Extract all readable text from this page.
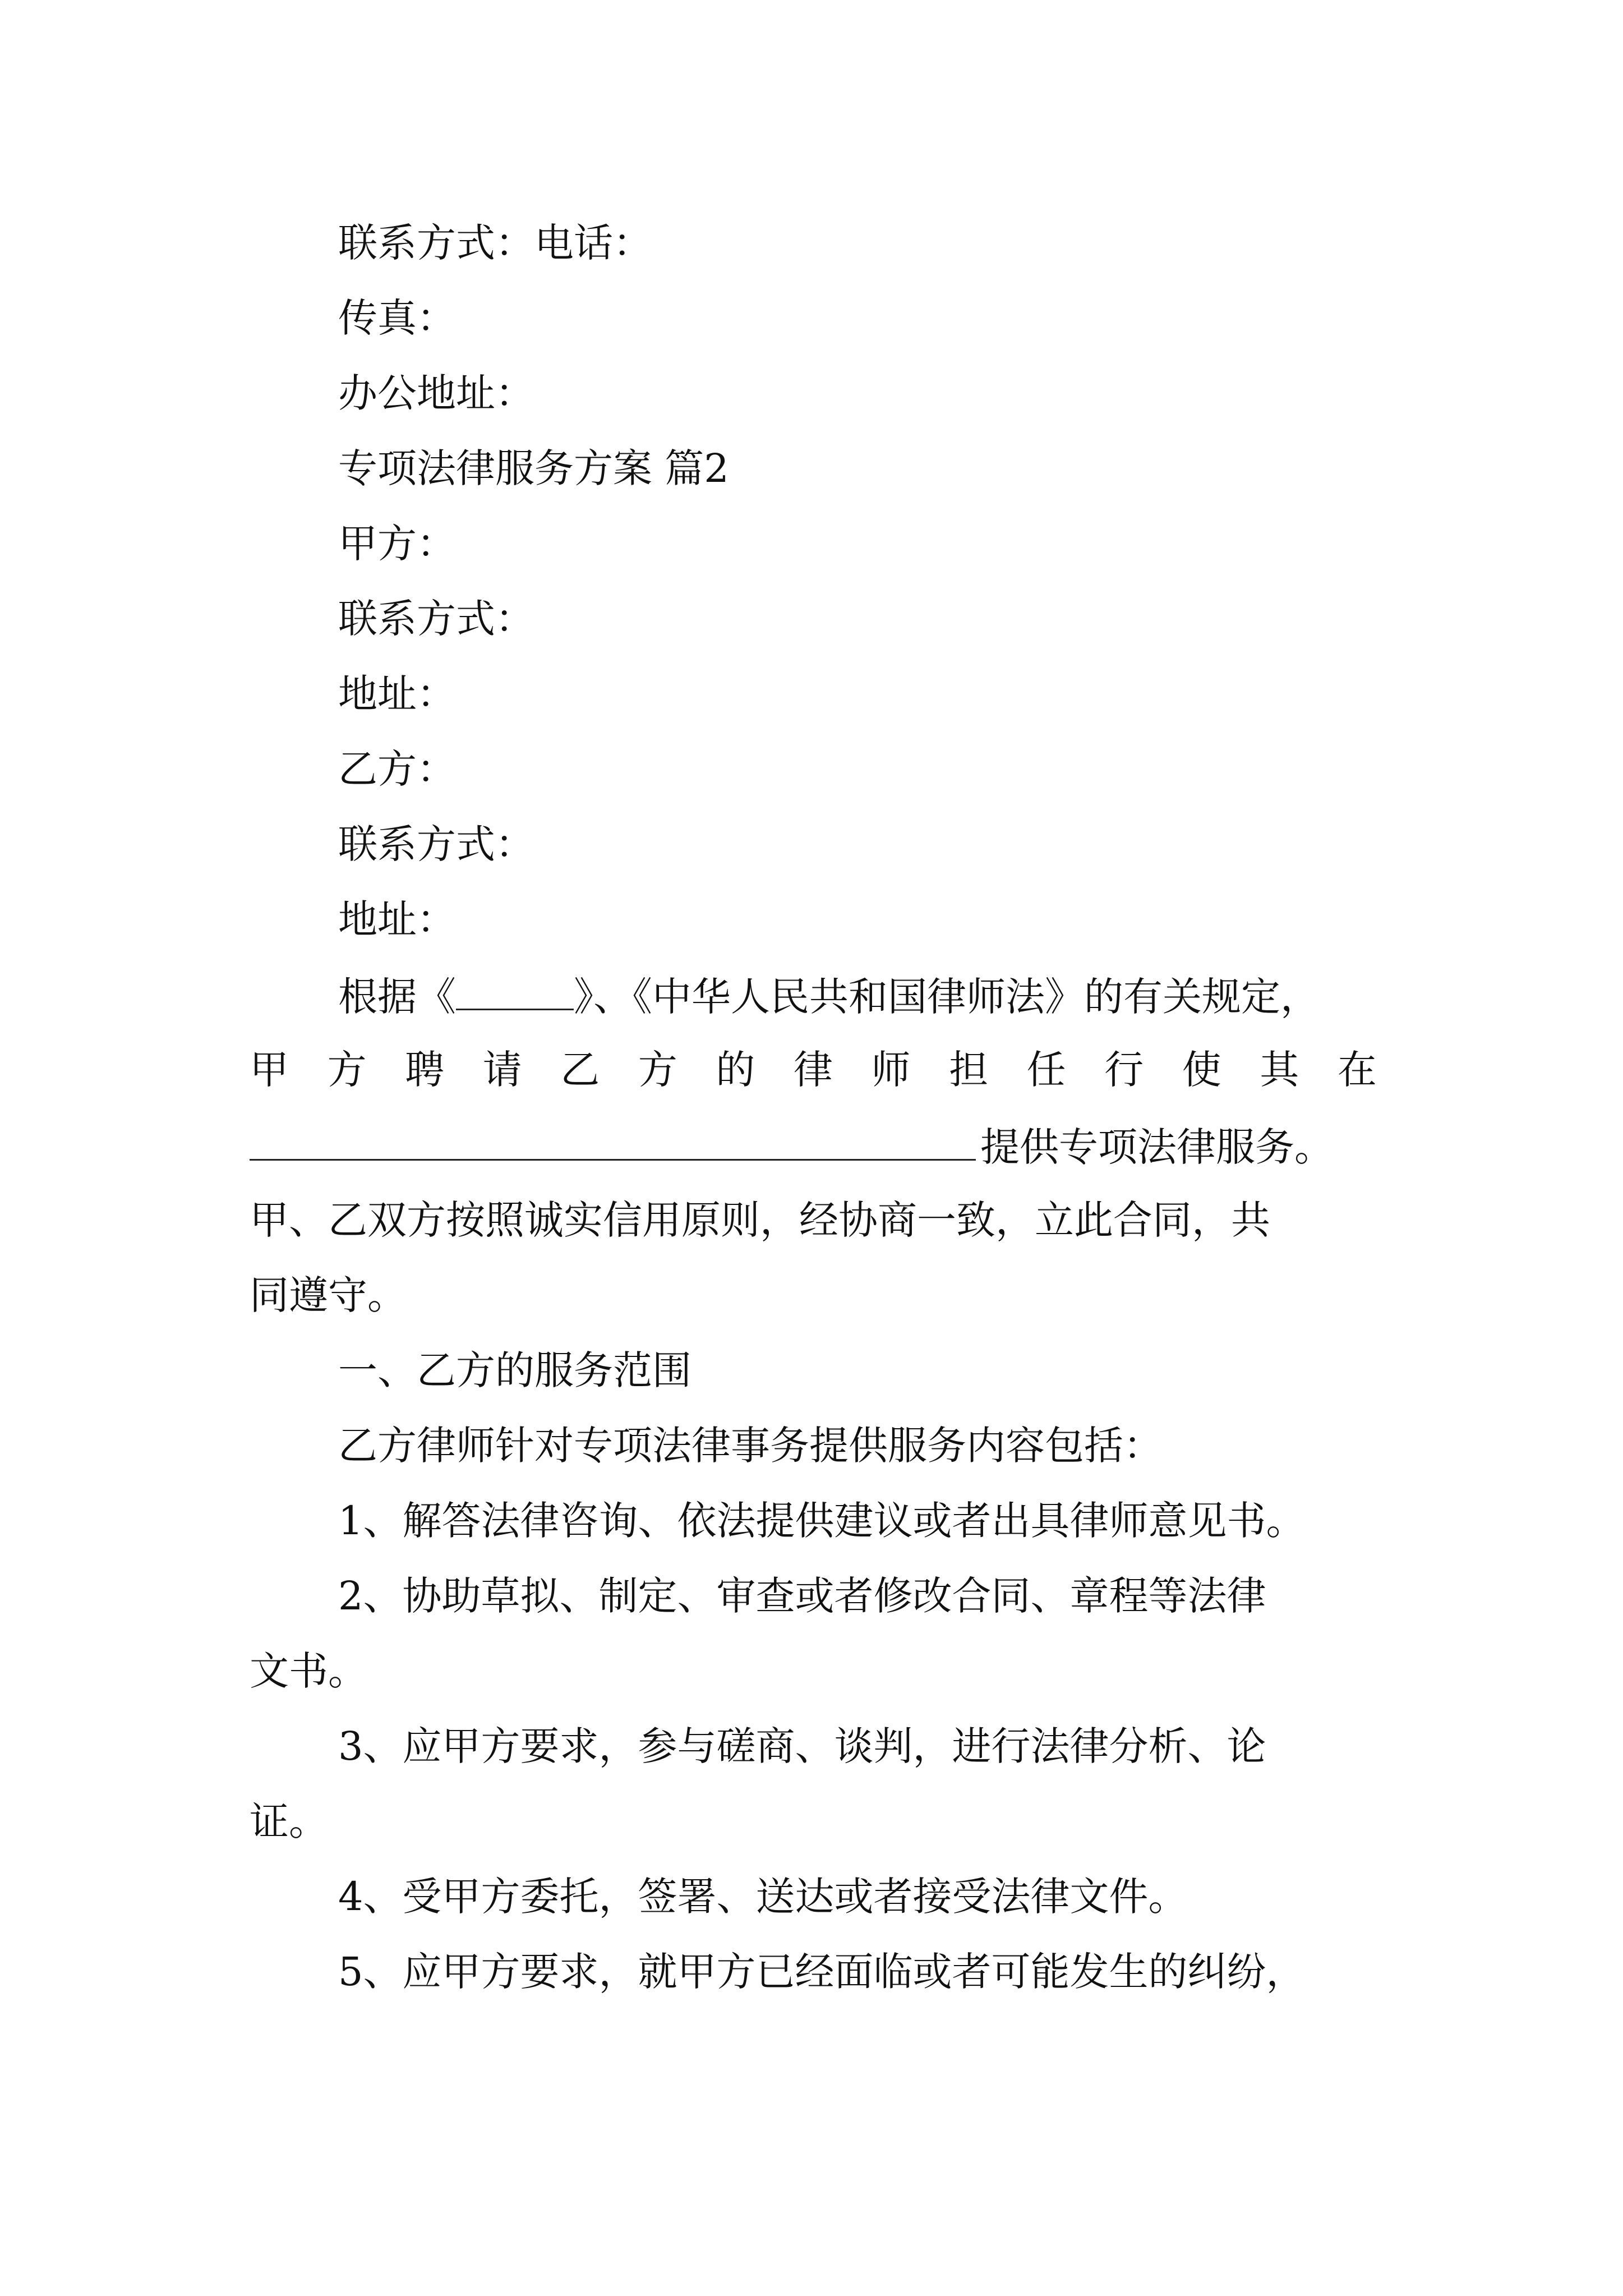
联系方式：电话：
传真：
办公地址：
专项法律服务方案 篇2
甲方：
联系方式：
地址：
乙方：
联系方式：
地址：
根据《	》、《中华人民共和国律师法》的有关规定，
甲 方 聘 请 乙 方 的 律 师 担 任 行 使 其 在
提供专项法律服务。
甲、乙双方按照诚实信用原则，经协商一致，立此合同，共
同遵守。
一、乙方的服务范围
乙方律师针对专项法律事务提供服务内容包括：
1、解答法律咨询、依法提供建议或者出具律师意见书。
2、协助草拟、制定、审查或者修改合同、章程等法律
文书。
3、应甲方要求，参与磋商、谈判，进行法律分析、论
证。
4、受甲方委托，签署、送达或者接受法律文件。
5、应甲方要求，就甲方已经面临或者可能发生的纠纷，
